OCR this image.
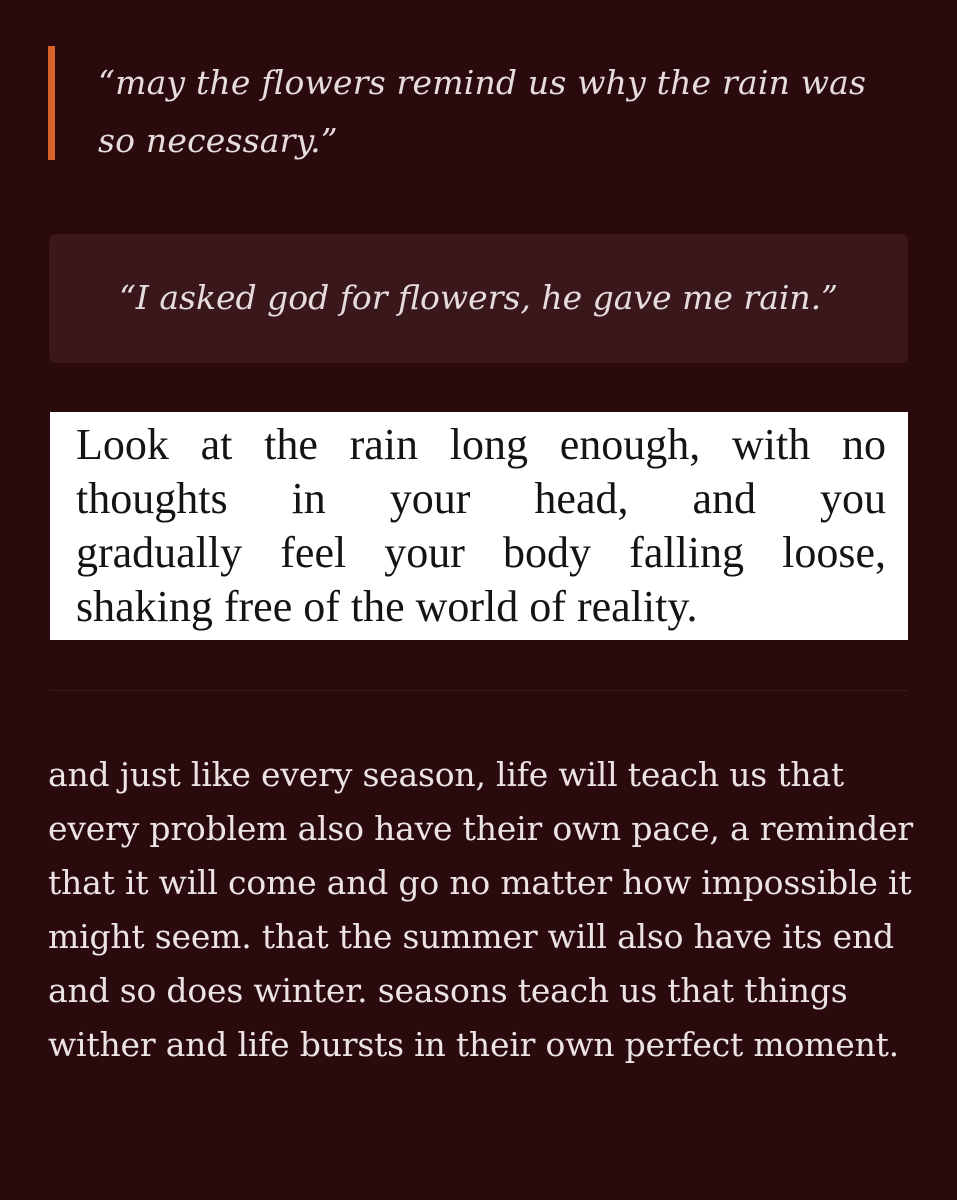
“may the flowers remind us why the rain was so necessary.”
“I asked god for flowers, he gave me rain.”
Look at the rain long enough, with no
thoughts in your head, and you
gradually feel your body falling loose,
shaking free of the world of reality.
and just like every season, life will teach us that every problem also have their own pace, a reminder that it will come and go no matter how impossible it might seem. that the summer will also have its end and so does winter. seasons teach us that things wither and life bursts in their own perfect moment.
